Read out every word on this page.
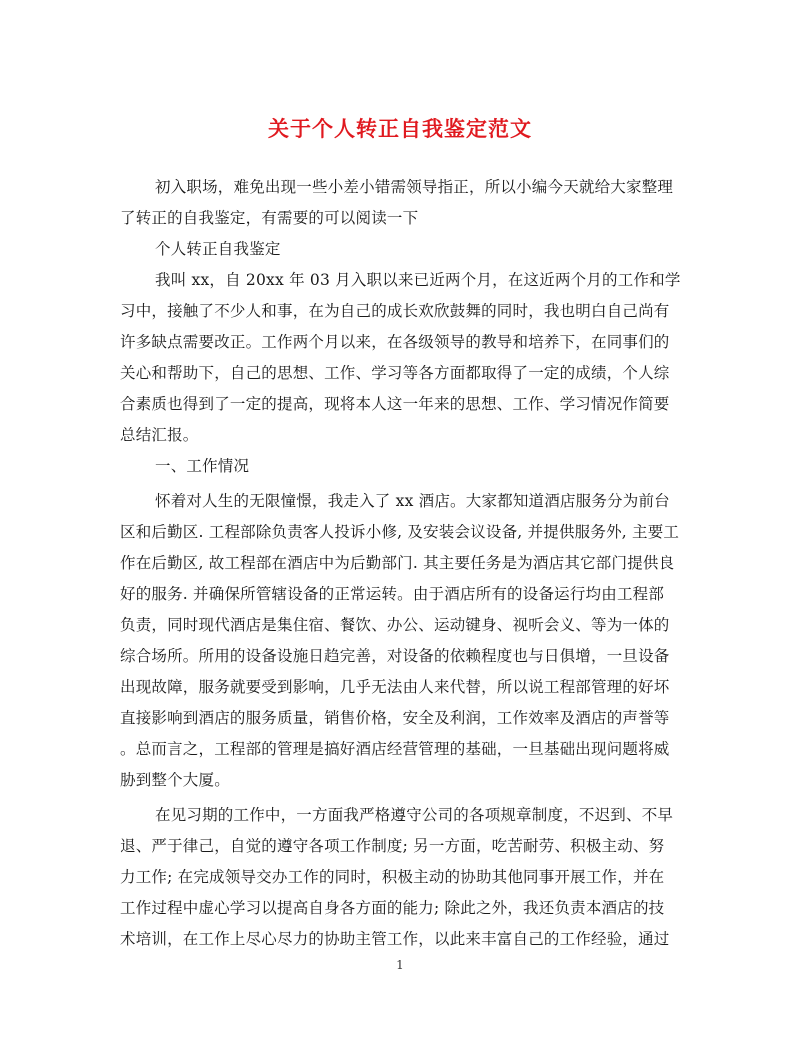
关于个人转正自我鉴定范文
初入职场，难免出现一些小差小错需领导指正，所以小编今天就给大家整理
了转正的自我鉴定，有需要的可以阅读一下
个人转正自我鉴定
我叫 xx，自 20xx 年 03 月入职以来已近两个月，在这近两个月的工作和学
习中，接触了不少人和事，在为自己的成长欢欣鼓舞的同时，我也明白自己尚有
许多缺点需要改正。工作两个月以来，在各级领导的教导和培养下，在同事们的
关心和帮助下，自己的思想、工作、学习等各方面都取得了一定的成绩，个人综
合素质也得到了一定的提高，现将本人这一年来的思想、工作、学习情况作简要
总结汇报。
一、工作情况
怀着对人生的无限憧憬，我走入了 xx 酒店。大家都知道酒店服务分为前台
区和后勤区. 工程部除负责客人投诉小修, 及安装会议设备, 并提供服务外, 主要工
作在后勤区, 故工程部在酒店中为后勤部门. 其主要任务是为酒店其它部门提供良
好的服务. 并确保所管辖设备的正常运转。由于酒店所有的设备运行均由工程部
负责，同时现代酒店是集住宿、餐饮、办公、运动键身、视听会义、等为一体的
综合场所。所用的设备设施日趋完善，对设备的依赖程度也与日俱增，一旦设备
出现故障，服务就要受到影响，几乎无法由人来代替，所以说工程部管理的好坏
直接影响到酒店的服务质量，销售价格，安全及利润，工作效率及酒店的声誉等
。总而言之，工程部的管理是搞好酒店经营管理的基础，一旦基础出现问题将威
胁到整个大厦。
在见习期的工作中，一方面我严格遵守公司的各项规章制度，不迟到、不早
退、严于律己，自觉的遵守各项工作制度; 另一方面，吃苦耐劳、积极主动、努
力工作; 在完成领导交办工作的同时，积极主动的协助其他同事开展工作，并在
工作过程中虚心学习以提高自身各方面的能力; 除此之外，我还负责本酒店的技
术培训，在工作上尽心尽力的协助主管工作，以此来丰富自己的工作经验，通过
1
